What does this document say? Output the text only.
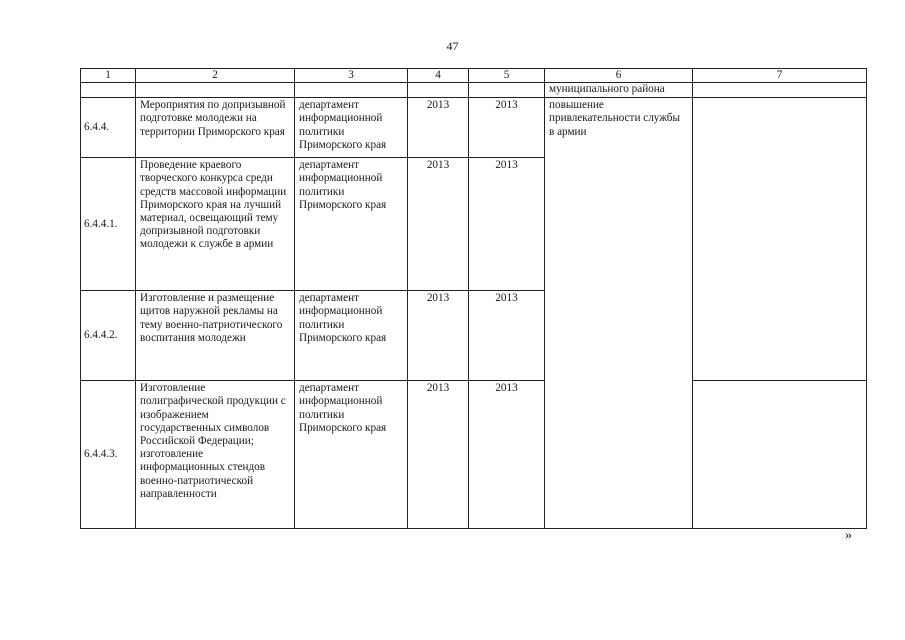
47
1	2	3	4	5	6	7
					муниципального района	
6.4.4.	Мероприятия по допризывной подготовке молодежи на территории Приморского края	департамент информационной политики Приморского края	2013	2013	повышение привлекательности службы в армии	
6.4.4.1.	Проведение краевого творческого конкурса среди средств массовой информации Приморского края на лучший материал, освещающий тему допризывной подготовки молодежи к службе в армии	департамент информационной политики Приморского края	2013	2013		
6.4.4.2.	Изготовление и размещение щитов наружной рекламы на тему военно-патриотического воспитания молодежи	департамент информационной политики Приморского края	2013	2013		
6.4.4.3.	Изготовление полиграфической продукции с изображением государственных символов Российской Федерации; изготовление информационных стендов военно-патриотической направленности	департамент информационной политики Приморского края	2013	2013		
»
